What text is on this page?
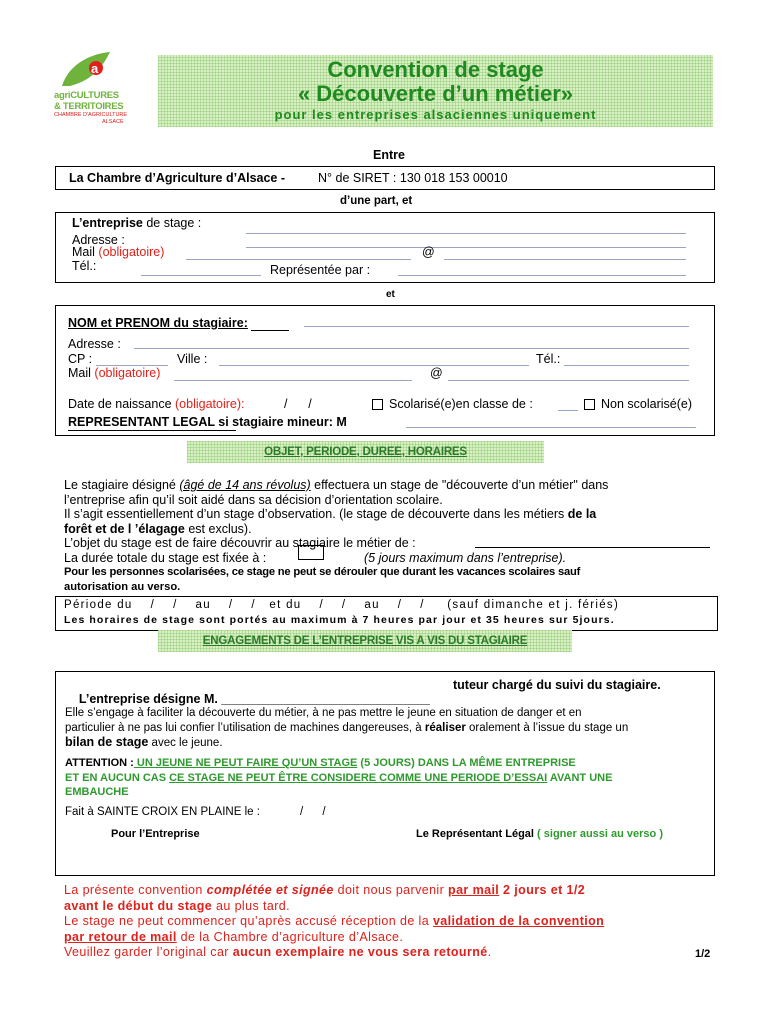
a
agriCULTURES
& TERRITOIRES
CHAMBRE D'AGRICULTURE
ALSACE
Convention de stage
« Découverte d’un métier»
pour les entreprises alsaciennes uniquement
Entre
La Chambre d’Agriculture d’Alsace -	N° de SIRET : 130 018 153 00010
d’une part, et
L’entreprise de stage :
Adresse :
Mail (obligatoire)	@
Tél.:	Représentée par :
et
NOM et PRENOM du stagiaire:
Adresse :
CP :	Ville :	Tél.:
Mail (obligatoire)	@
Date de naissance (obligatoire):	/      /	Scolarisé(e)en classe de :	Non scolarisé(e)
REPRESENTANT LEGAL si stagiaire mineur: M
OBJET, PERIODE, DUREE, HORAIRES
Le stagiaire désigné (âgé de 14 ans révolus) effectuera un stage de "découverte d’un métier" dans
l’entreprise afin qu’il soit aidé dans sa décision d’orientation scolaire.
Il s’agit essentiellement d’un stage d’observation. (le stage de découverte dans les métiers de la
forêt et de l ’élagage est exclus).
L’objet du stage est de faire découvrir au stagiaire le métier de :
La durée totale du stage est fixée à :	(5 jours maximum dans l’entreprise).
Pour les personnes scolarisées, ce stage ne peut se dérouler que durant les vacances scolaires sauf
autorisation au verso.
Période du    /    /    au    /    /   et du    /    /    au    /    /     (sauf dimanche et j. fériés)
Les horaires de stage sont portés au maximum à 7 heures par jour et 35 heures sur 5jours.
ENGAGEMENTS DE L’ENTREPRISE VIS A VIS DU STAGIAIRE

L’entreprise désigne M. ______________________________

tuteur chargé du suivi du stagiaire.
Elle s’engage à faciliter la découverte du métier, à ne pas mettre le jeune en situation de danger et en
particulier à ne pas lui confier l’utilisation de machines dangereuses, à réaliser oralement à l’issue du stage un
bilan de stage avec le jeune.
ATTENTION : UN JEUNE NE PEUT FAIRE QU’UN STAGE (5 JOURS) DANS LA MÊME ENTREPRISE
ET EN AUCUN CAS CE STAGE NE PEUT ÊTRE CONSIDERE COMME UNE PERIODE D’ESSAI AVANT UNE
EMBAUCHE
Fait à SAINTE CROIX EN PLAINE le :	/      /
Pour l’Entreprise	Le Représentant Légal ( signer aussi au verso )
La présente convention complétée et signée doit nous parvenir par mail 2 jours et 1/2
avant le début du stage au plus tard.
Le stage ne peut commencer qu’après accusé réception de la validation de la convention
par retour de mail de la Chambre d’agriculture d’Alsace.
Veuillez garder l’original car aucun exemplaire ne vous sera retourné.	1/2
